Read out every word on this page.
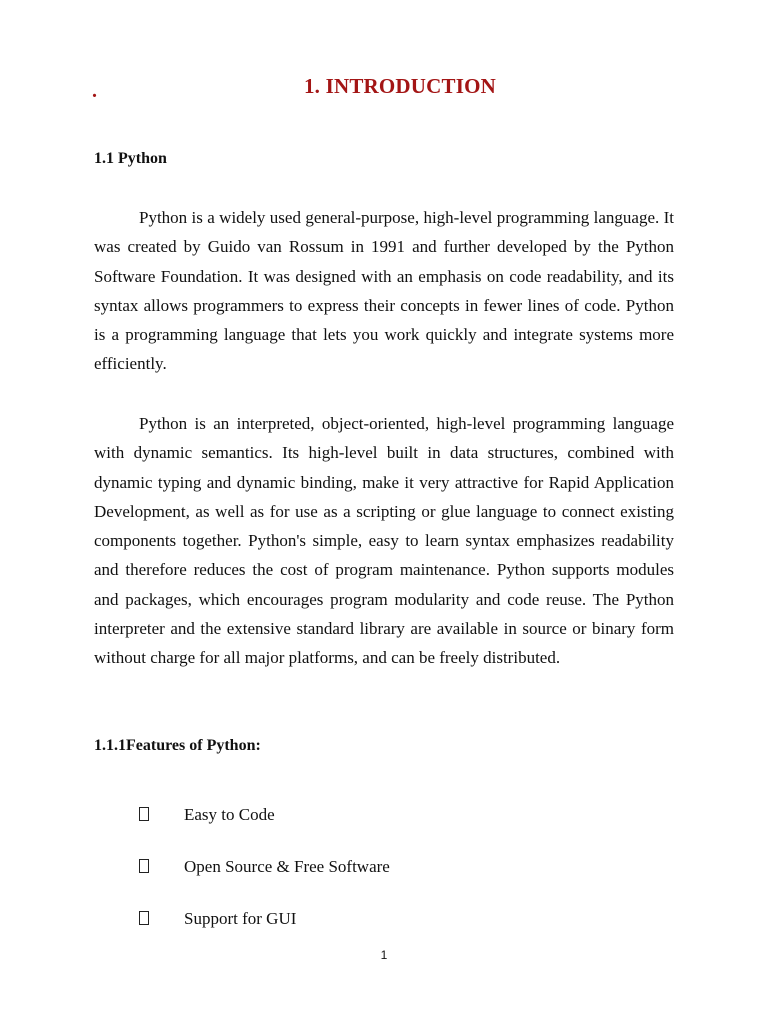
.	1. INTRODUCTION
1.1 Python

Python is a widely used general-purpose, high-level programming language. It was created by Guido van Rossum in 1991 and further developed by the Python Software Foundation. It was designed with an emphasis on code readability, and its syntax allows programmers to express their concepts in fewer lines of code. Python is a programming language that lets you work quickly and integrate systems more efficiently.

Python is an interpreted, object-oriented, high-level programming language with dynamic semantics. Its high-level built in data structures, combined with dynamic typing and dynamic binding, make it very attractive for Rapid Application Development, as well as for use as a scripting or glue language to connect existing components together. Python's simple, easy to learn syntax emphasizes readability and therefore reduces the cost of program maintenance. Python supports modules and packages, which encourages program modularity and code reuse. The Python interpreter and the extensive standard library are available in source or binary form without charge for all major platforms, and can be freely distributed.

1.1.1Features of Python:
Easy to Code
Open Source & Free Software
Support for GUI
1
